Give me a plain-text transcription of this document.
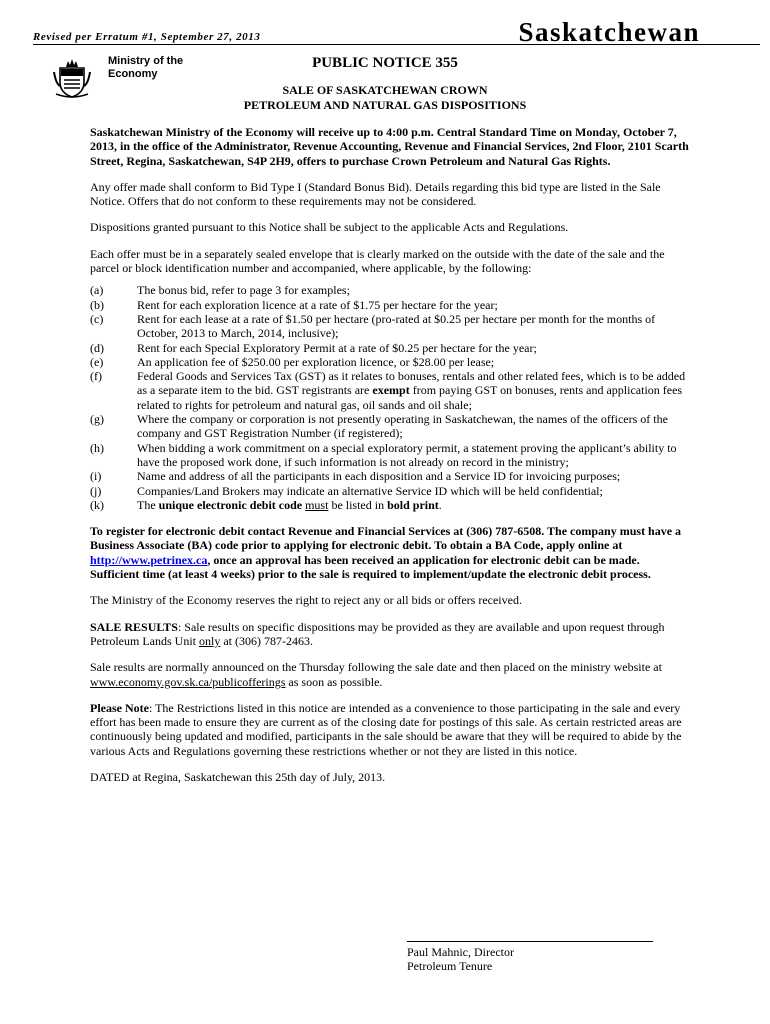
Revised per Erratum #1, September 27, 2013	Saskatchewan
Ministry of the Economy
PUBLIC NOTICE 355
SALE OF SASKATCHEWAN CROWN
PETROLEUM AND NATURAL GAS DISPOSITIONS

Saskatchewan Ministry of the Economy will receive up to 4:00 p.m. Central Standard Time on Monday, October 7, 2013, in the office of the Administrator, Revenue Accounting, Revenue and Financial Services, 2nd Floor, 2101 Scarth Street, Regina, Saskatchewan, S4P 2H9, offers to purchase Crown Petroleum and Natural Gas Rights.

Any offer made shall conform to Bid Type I (Standard Bonus Bid). Details regarding this bid type are listed in the Sale Notice. Offers that do not conform to these requirements may not be considered.

Dispositions granted pursuant to this Notice shall be subject to the applicable Acts and Regulations.

Each offer must be in a separately sealed envelope that is clearly marked on the outside with the date of the sale and the parcel or block identification number and accompanied, where applicable, by the following:

(a)	The bonus bid, refer to page 3 for examples;
(b)	Rent for each exploration licence at a rate of $1.75 per hectare for the year;
(c)	Rent for each lease at a rate of $1.50 per hectare (pro-rated at $0.25 per hectare per month for the months of October, 2013 to March, 2014, inclusive);
(d)	Rent for each Special Exploratory Permit at a rate of $0.25 per hectare for the year;
(e)	An application fee of $250.00 per exploration licence, or $28.00 per lease;
(f)	Federal Goods and Services Tax (GST) as it relates to bonuses, rentals and other related fees, which is to be added as a separate item to the bid. GST registrants are exempt from paying GST on bonuses, rents and application fees related to rights for petroleum and natural gas, oil sands and oil shale;
(g)	Where the company or corporation is not presently operating in Saskatchewan, the names of the officers of the company and GST Registration Number (if registered);
(h)	When bidding a work commitment on a special exploratory permit, a statement proving the applicant’s ability to have the proposed work done, if such information is not already on record in the ministry;
(i)	Name and address of all the participants in each disposition and a Service ID for invoicing purposes;
(j)	Companies/Land Brokers may indicate an alternative Service ID which will be held confidential;
(k)	The unique electronic debit code must be listed in bold print.

To register for electronic debit contact Revenue and Financial Services at (306) 787-6508. The company must have a Business Associate (BA) code prior to applying for electronic debit. To obtain a BA Code, apply online at http://www.petrinex.ca, once an approval has been received an application for electronic debit can be made. Sufficient time (at least 4 weeks) prior to the sale is required to implement/update the electronic debit process.

The Ministry of the Economy reserves the right to reject any or all bids or offers received.

SALE RESULTS: Sale results on specific dispositions may be provided as they are available and upon request through Petroleum Lands Unit only at (306) 787-2463.

Sale results are normally announced on the Thursday following the sale date and then placed on the ministry website at www.economy.gov.sk.ca/publicofferings as soon as possible.

Please Note: The Restrictions listed in this notice are intended as a convenience to those participating in the sale and every effort has been made to ensure they are current as of the closing date for postings of this sale. As certain restricted areas are continuously being updated and modified, participants in the sale should be aware that they will be required to abide by the various Acts and Regulations governing these restrictions whether or not they are listed in this notice.

DATED at Regina, Saskatchewan this 25th day of July, 2013.

Paul Mahnic, Director
Petroleum Tenure
